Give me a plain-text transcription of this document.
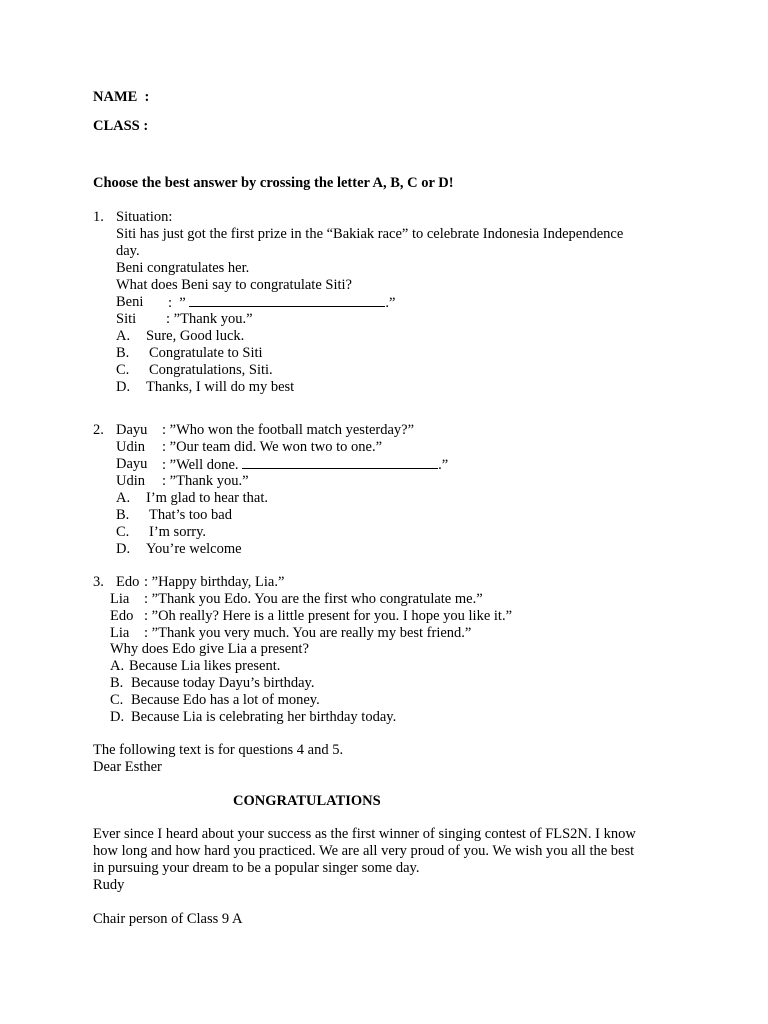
NAME  :
CLASS :
Choose the best answer by crossing the letter A, B, C or D!
1. Situation:
Siti has just got the first prize in the “Bakiak race” to celebrate Indonesia Independence
day.
Beni congratulates her.
What does Beni say to congratulate Siti?
Beni :  ”	.”
Siti : ”Thank you.”
A. Sure, Good luck.
B. Congratulate to Siti
C. Congratulations, Siti.
D. Thanks, I will do my best
2. Dayu : ”Who won the football match yesterday?”
Udin : ”Our team did. We won two to one.”
Dayu : ”Well done.	.”
Udin : ”Thank you.”
A. I’m glad to hear that.
B. That’s too bad
C. I’m sorry.
D. You’re welcome
3. Edo : ”Happy birthday, Lia.”
Lia : ”Thank you Edo. You are the first who congratulate me.”
Edo : ”Oh really? Here is a little present for you. I hope you like it.”
Lia : ”Thank you very much. You are really my best friend.”
Why does Edo give Lia a present?
A. Because Lia likes present.
B. Because today Dayu’s birthday.
C. Because Edo has a lot of money.
D. Because Lia is celebrating her birthday today.
The following text is for questions 4 and 5.
Dear Esther
CONGRATULATIONS
Ever since I heard about your success as the first winner of singing contest of FLS2N. I know
how long and how hard you practiced. We are all very proud of you. We wish you all the best
in pursuing your dream to be a popular singer some day.
Rudy
Chair person of Class 9 A
